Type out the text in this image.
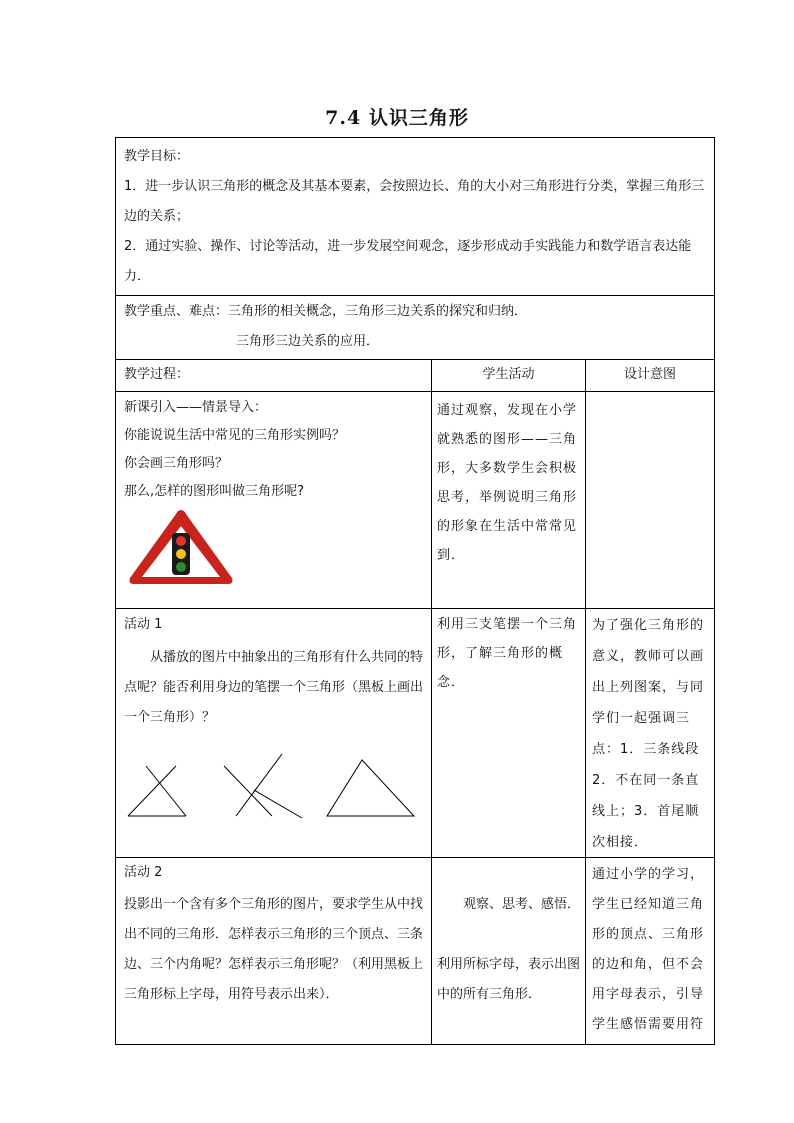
7.4 认识三角形
教学目标：
1．进一步认识三角形的概念及其基本要素，会按照边长、角的大小对三角形进行分类，掌握三角形三边的关系；
2．通过实验、操作、讨论等活动，进一步发展空间观念，逐步形成动手实践能力和数学语言表达能力．
教学重点、难点：三角形的相关概念，三角形三边关系的探究和归纳．
三角形三边关系的应用．
教学过程：	学生活动	设计意图
新课引入——情景导入：
你能说说生活中常见的三角形实例吗？
你会画三角形吗？
那么,怎样的图形叫做三角形呢?
通过观察，发现在小学就熟悉的图形——三角形，大多数学生会积极思考，举例说明三角形的形象在生活中常常见到．
活动 1
从播放的图片中抽象出的三角形有什么共同的特点呢？能否利用身边的笔摆一个三角形（黑板上画出一个三角形）？
利用三支笔摆一个三角形，了解三角形的概念．
为了强化三角形的意义，教师可以画出上列图案，与同学们一起强调三点：1．三条线段 2．不在同一条直线上；3．首尾顺次相接．
活动 2
投影出一个含有多个三角形的图片，要求学生从中找出不同的三角形．怎样表示三角形的三个顶点、三条边、三个内角呢？怎样表示三角形呢？（利用黑板上三角形标上字母，用符号表示出来）．
观察、思考、感悟．
利用所标字母，表示出图中的所有三角形．
通过小学的学习，学生已经知道三角形的顶点、三角形的边和角，但不会用字母表示，引导学生感悟需要用符
